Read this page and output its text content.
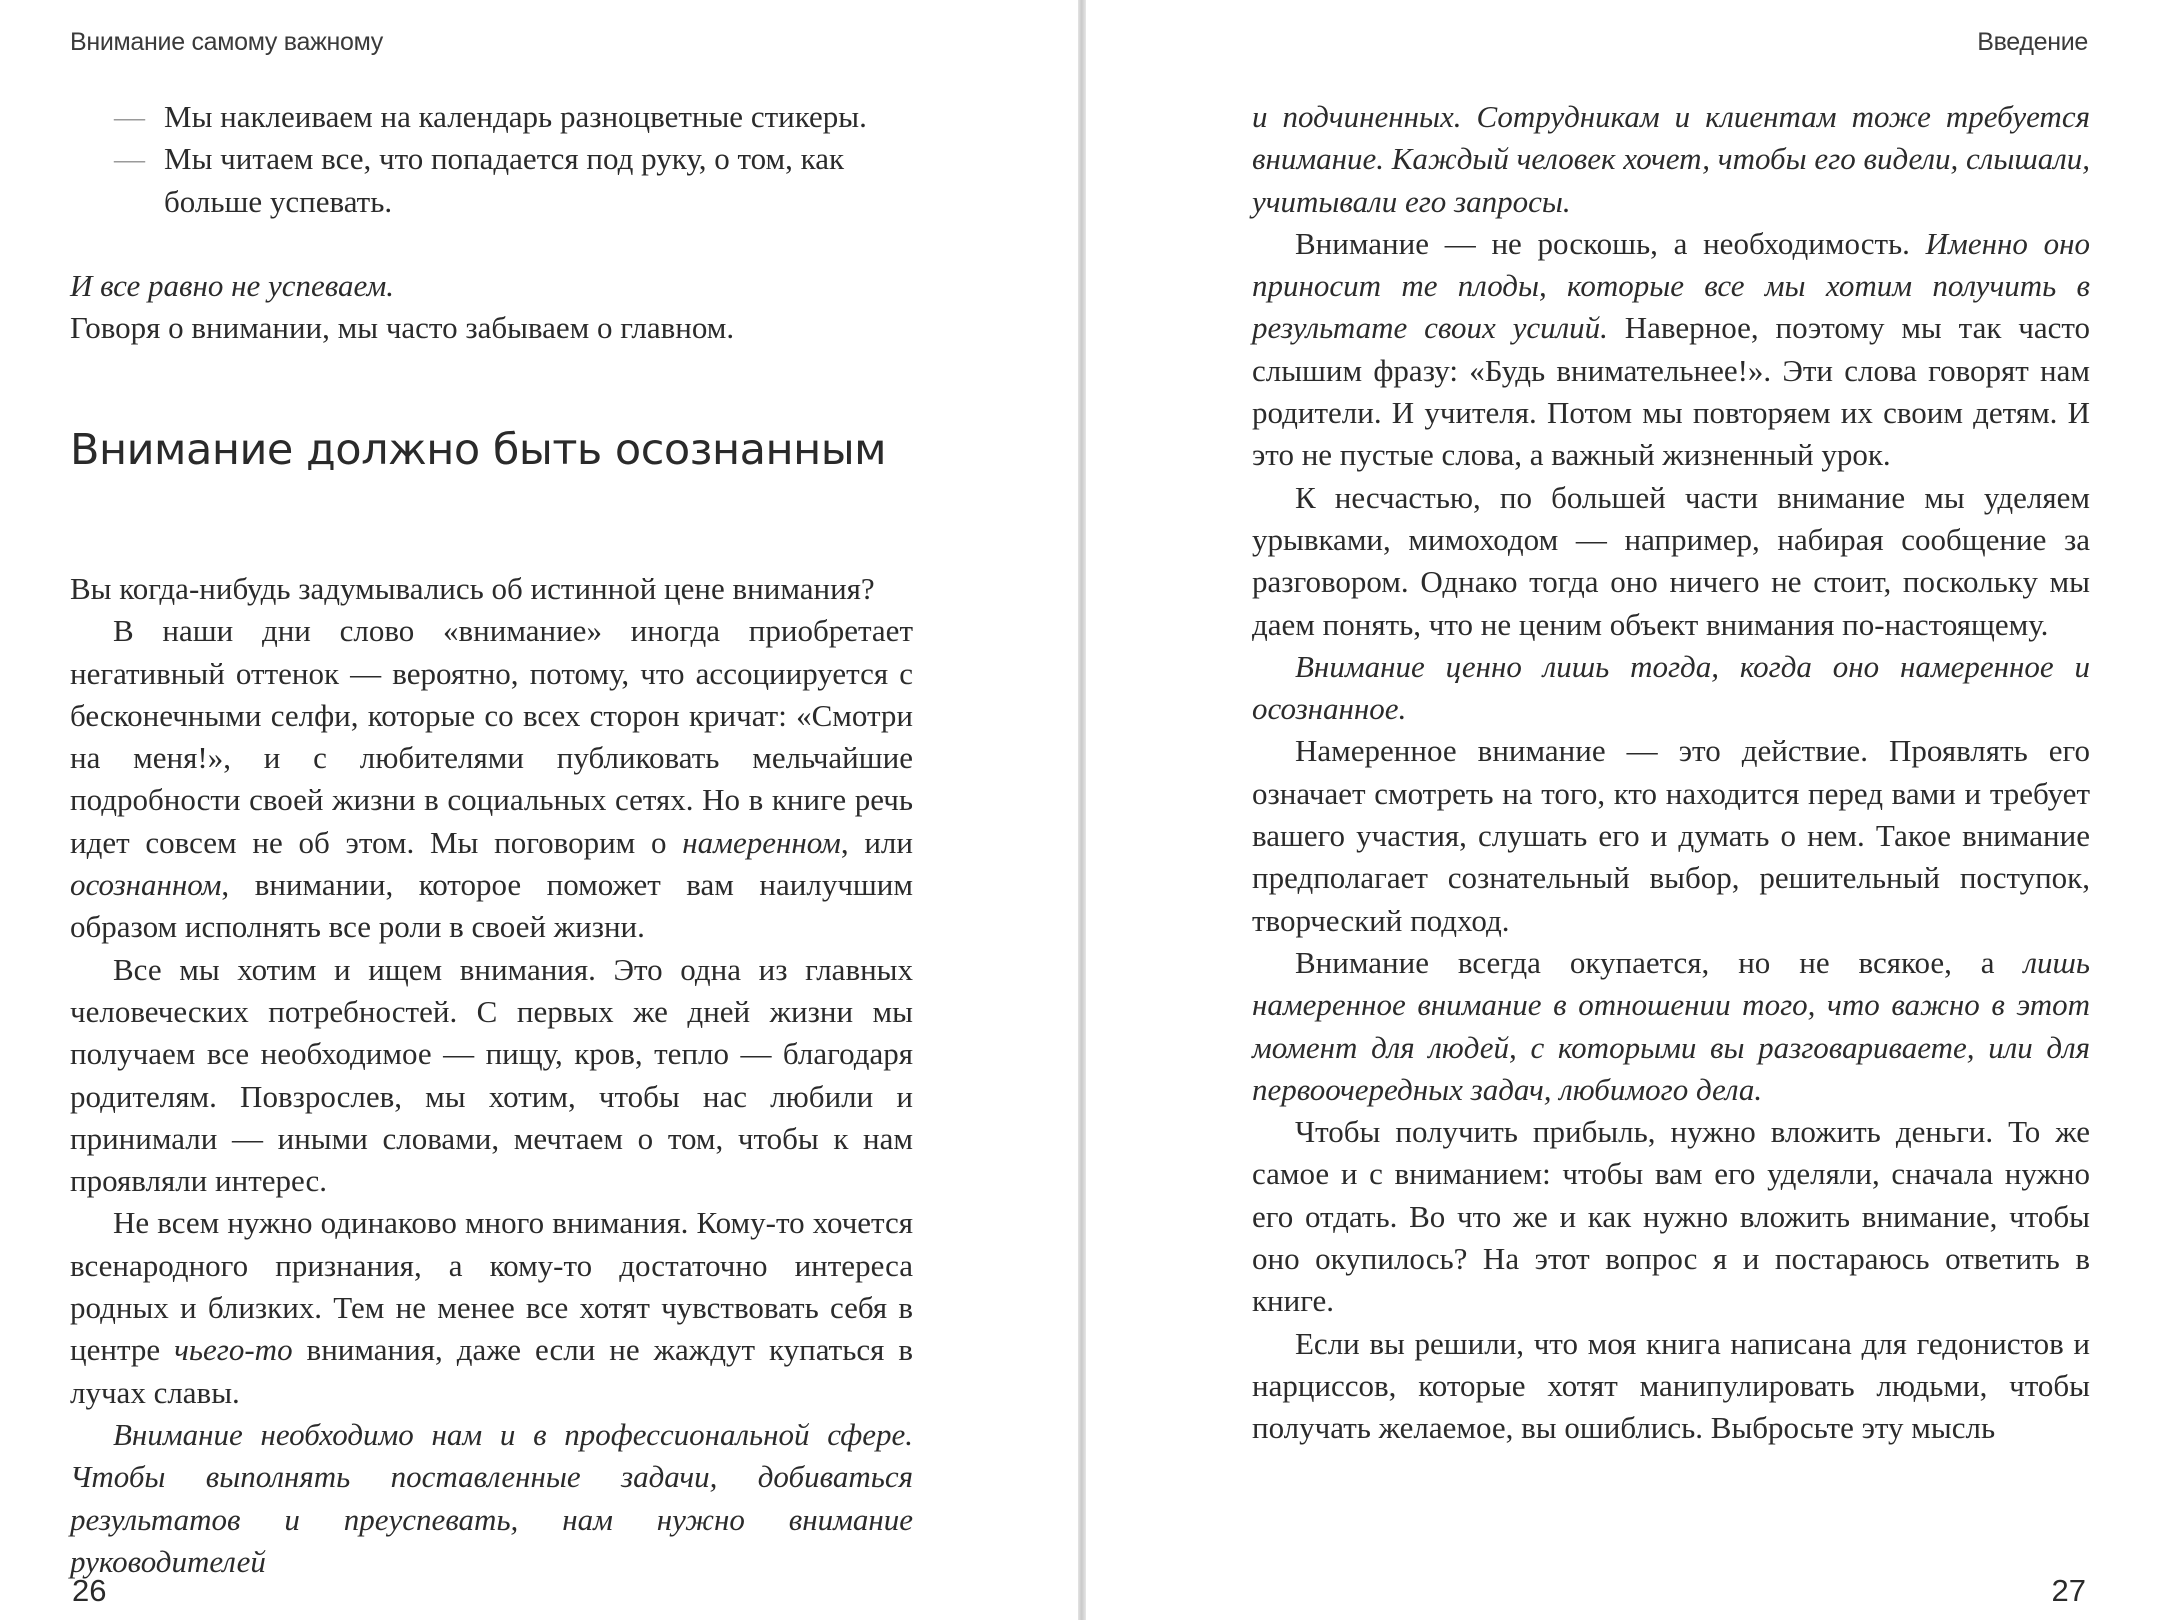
Внимание самому важному

— Мы наклеиваем на календарь разноцветные стикеры.

— Мы читаем все, что попадается под руку, о том, как больше успевать.

И все равно не успеваем.

Говоря о внимании, мы часто забываем о главном.

Внимание должно быть осознанным

Вы когда-нибудь задумывались об истинной цене внимания?

В наши дни слово «внимание» иногда приобретает негативный оттенок — вероятно, потому, что ассоциируется с бесконечными селфи, которые со всех сторон кричат: «Смотри на меня!», и с любителями публиковать мельчайшие подробности своей жизни в социальных сетях. Но в книге речь идет совсем не об этом. Мы поговорим о намеренном, или осознанном, внимании, которое поможет вам наилучшим образом исполнять все роли в своей жизни.

Все мы хотим и ищем внимания. Это одна из главных человеческих потребностей. С первых же дней жизни мы получаем все необходимое — пищу, кров, тепло — благодаря родителям. Повзрослев, мы хотим, чтобы нас любили и принимали — иными словами, мечтаем о том, чтобы к нам проявляли интерес.

Не всем нужно одинаково много внимания. Кому-то хочется всенародного признания, а кому-то достаточно интереса родных и близких. Тем не менее все хотят чувствовать себя в центре чьего-то внимания, даже если не жаждут купаться в лучах славы.

Внимание необходимо нам и в профессиональной сфере. Чтобы выполнять поставленные задачи, добиваться результатов и преуспевать, нам нужно внимание руководителей

26
Введение

и подчиненных. Сотрудникам и клиентам тоже требуется внимание. Каждый человек хочет, чтобы его видели, слышали, учитывали его запросы.

Внимание — не роскошь, а необходимость. Именно оно приносит те плоды, которые все мы хотим получить в результате своих усилий. Наверное, поэтому мы так часто слышим фразу: «Будь внимательнее!». Эти слова говорят нам родители. И учителя. Потом мы повторяем их своим детям. И это не пустые слова, а важный жизненный урок.

К несчастью, по большей части внимание мы уделяем урывками, мимоходом — например, набирая сообщение за разговором. Однако тогда оно ничего не стоит, поскольку мы даем понять, что не ценим объект внимания по-настоящему.

Внимание ценно лишь тогда, когда оно намеренное и осознанное.

Намеренное внимание — это действие. Проявлять его означает смотреть на того, кто находится перед вами и требует вашего участия, слушать его и думать о нем. Такое внимание предполагает сознательный выбор, решительный поступок, творческий подход.

Внимание всегда окупается, но не всякое, а лишь намеренное внимание в отношении того, что важно в этот момент для людей, с которыми вы разговариваете, или для первоочередных задач, любимого дела.

Чтобы получить прибыль, нужно вложить деньги. То же самое и с вниманием: чтобы вам его уделяли, сначала нужно его отдать. Во что же и как нужно вложить внимание, чтобы оно окупилось? На этот вопрос я и постараюсь ответить в книге.

Если вы решили, что моя книга написана для гедонистов и нарциссов, которые хотят манипулировать людьми, чтобы получать желаемое, вы ошиблись. Выбросьте эту мысль

27
